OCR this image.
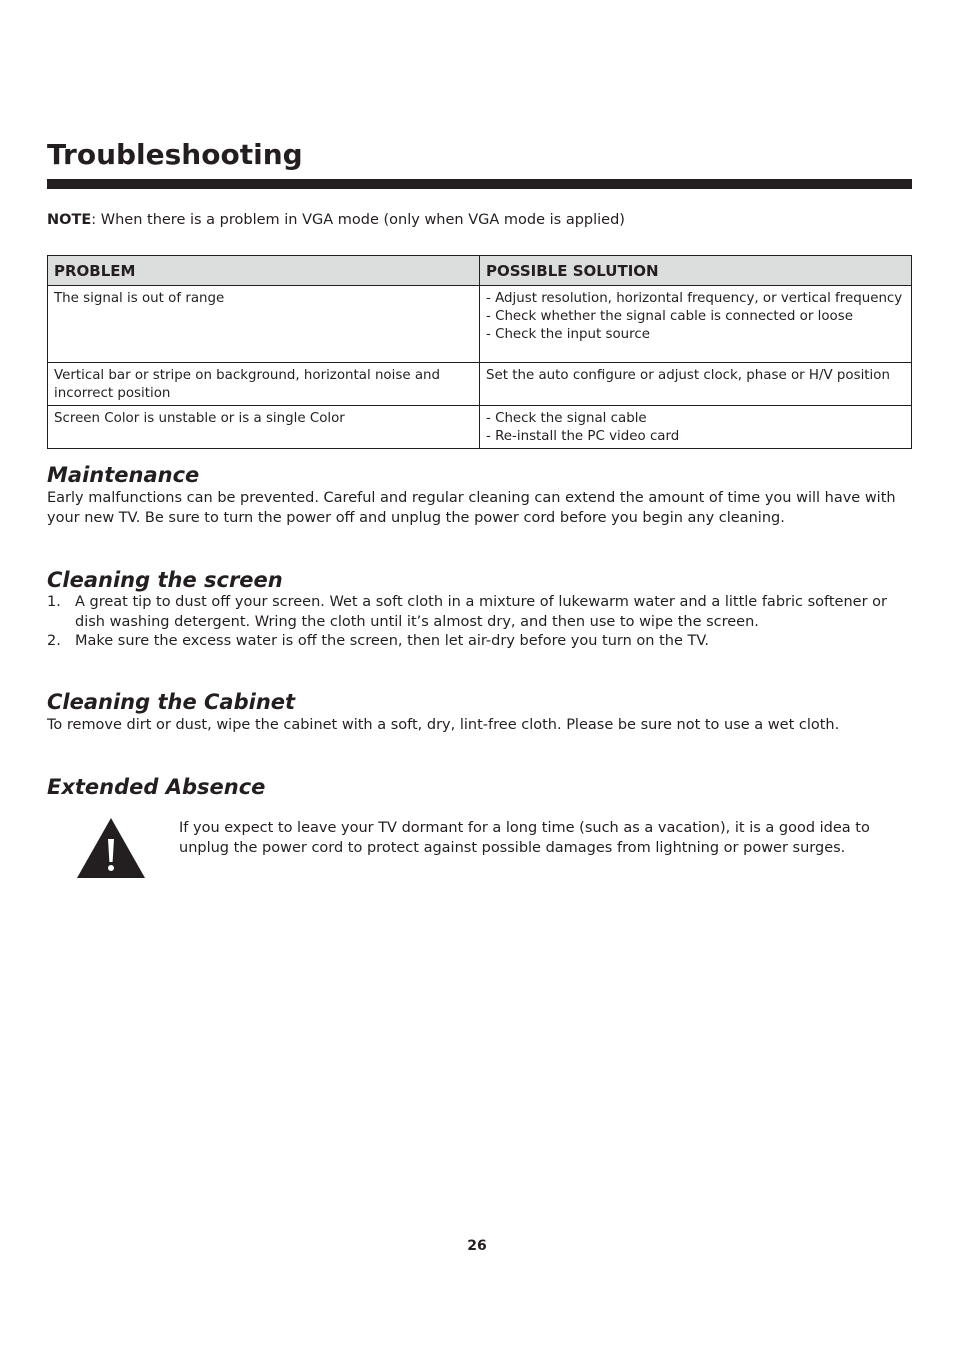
Troubleshooting

NOTE: When there is a problem in VGA mode (only when VGA mode is applied)

PROBLEM	POSSIBLE SOLUTION
The signal is out of range	- Adjust resolution, horizontal frequency, or vertical frequency
- Check whether the signal cable is connected or loose
- Check the input source

Vertical bar or stripe on background, horizontal noise and incorrect position	Set the auto configure or adjust clock, phase or H/V position
Screen Color is unstable or is a single Color	- Check the signal cable
- Re-install the PC video card
Maintenance

Early malfunctions can be prevented. Careful and regular cleaning can extend the amount of time you will have with your new TV. Be sure to turn the power off and unplug the power cord before you begin any cleaning.

Cleaning the screen
1. A great tip to dust off your screen. Wet a soft cloth in a mixture of lukewarm water and a little fabric softener or dish washing detergent. Wring the cloth until it’s almost dry, and then use to wipe the screen.
2. Make sure the excess water is off the screen, then let air-dry before you turn on the TV.
Cleaning the Cabinet

To remove dirt or dust, wipe the cabinet with a soft, dry, lint-free cloth. Please be sure not to use a wet cloth.

Extended Absence

If you expect to leave your TV dormant for a long time (such as a vacation), it is a good idea to unplug the power cord to protect against possible damages from lightning or power surges.

26
